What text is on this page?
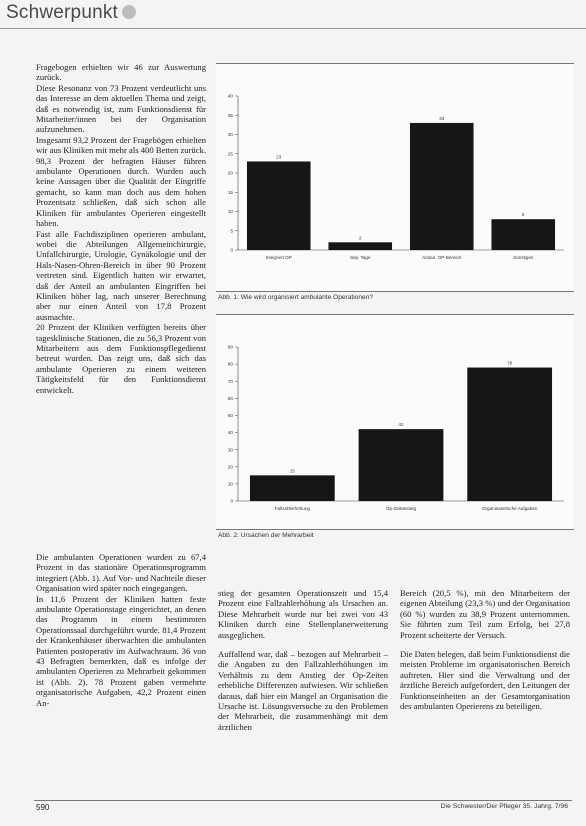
Schwerpunkt

Fragebogen erhielten wir 46 zur Auswertung zurück.

Diese Resonanz von 73 Prozent verdeutlicht uns das Interesse an dem aktuellen Thema und zeigt, daß es notwendig ist, zum Funktionsdienst für Mitarbeiter/innen bei der Organisation aufzunehmen.

Insgesamt 93,2 Prozent der Fragebögen erhielten wir aus Kliniken mit mehr als 400 Betten zurück. 98,3 Prozent der befragten Häuser führen ambulante Operationen durch. Wurden auch keine Aussagen über die Qualität der Eingriffe gemacht, so kann man doch aus dem hohen Prozentsatz schließen, daß sich schon alle Kliniken für ambulantes Operieren eingestellt haben.

Fast alle Fachdisziplinen operieren ambulant, wobei die Abteilungen Allgemeinchirurgie, Unfallchirurgie, Urologie, Gynäkologie und der Hals-Nasen-Ohren-Bereich in über 90 Prozent vertreten sind. Eigentlich hatten wir erwartet, daß der Anteil an ambulanten Eingriffen bei Kliniken höher lag, nach unserer Berechnung aber nur einen Anteil von 17,8 Prozent ausmachte.

20 Prozent der Kliniken verfügten bereits über tagesklinische Stationen, die zu 56,3 Prozent von Mitarbeitern aus dem Funktionspflegedienst betreut wurden. Das zeigt uns, daß sich das ambulante Operieren zu einem weiteren Tätigkeitsfeld für den Funktionsdienst entwickelt.

Die ambulanten Operationen wurden zu 67,4 Prozent in das stationäre Operationsprogramm integriert (Abb. 1). Auf Vor- und Nachteile dieser Organisation wird später noch eingegangen.

In 11,6 Prozent der Kliniken hatten feste ambulante Operationstage eingerichtet, an denen das Programm in einem bestimmten Operationssaal durchgeführt wurde. 81,4 Prozent der Krankenhäuser überwachten die ambulanten Patienten postoperativ im Aufwachraum. 36 von 43 Befragten bemerkten, daß es infolge der ambulanten Operieren zu Mehrarbeit gekommen ist (Abb. 2). 78 Prozent gaben vermehrte organisatorische Aufgaben, 42,2 Prozent einen An-

stieg der gesamten Operationszeit und 15,4 Prozent eine Fallzahlerhöhung als Ursachen an. Diese Mehrarbeit wurde nur bei zwei von 43 Kliniken durch eine Stellenplanerweiterung ausgeglichen.

Auffallend war, daß – bezogen auf Mehrarbeit – die Angaben zu den Fallzahlerhöhungen im Verhältnis zu dem Anstieg der Op-Zeiten erhebliche Differenzen aufwiesen. Wir schließen daraus, daß hier ein Mangel an Organisation die Ursache ist. Lösungsversuche zu den Problemen der Mehrarbeit, die zusammenhängt mit dem ärztlichen

Bereich (20,5 %), mit den Mitarbeitern der eigenen Abteilung (23,3 %) und der Organisation (60 %) wurden zu 38,9 Prozent unternommen. Sie führten zum Teil zum Erfolg, bei 27,8 Prozent scheiterte der Versuch.

Die Daten belegen, daß beim Funktionsdienst die meisten Probleme im organisatorischen Bereich auftreten. Hier sind die Verwaltung und der ärztliche Bereich aufgefordert, den Leitungen der Funktionseinheiten an der Gesamtorganisation des ambulanten Operierens zu beteiligen.

0
5
10
15
20
25
30
35
40
23
Integriert OP
2
Sep. Tage
33
Ambul. OP-Bereich
8
Sonstiges
Abb. 1: Wie wird organisiert ambulante Operationen?
0
10
20
30
40
50
60
70
80
90
15
Fallzahlerhöhung
42
Op-Zeitanstieg
78
Organisatorische Aufgaben
Abb. 2: Ursachen der Mehrarbeit
590	Die Schwester/Der Pfleger 35. Jahrg. 7/96
